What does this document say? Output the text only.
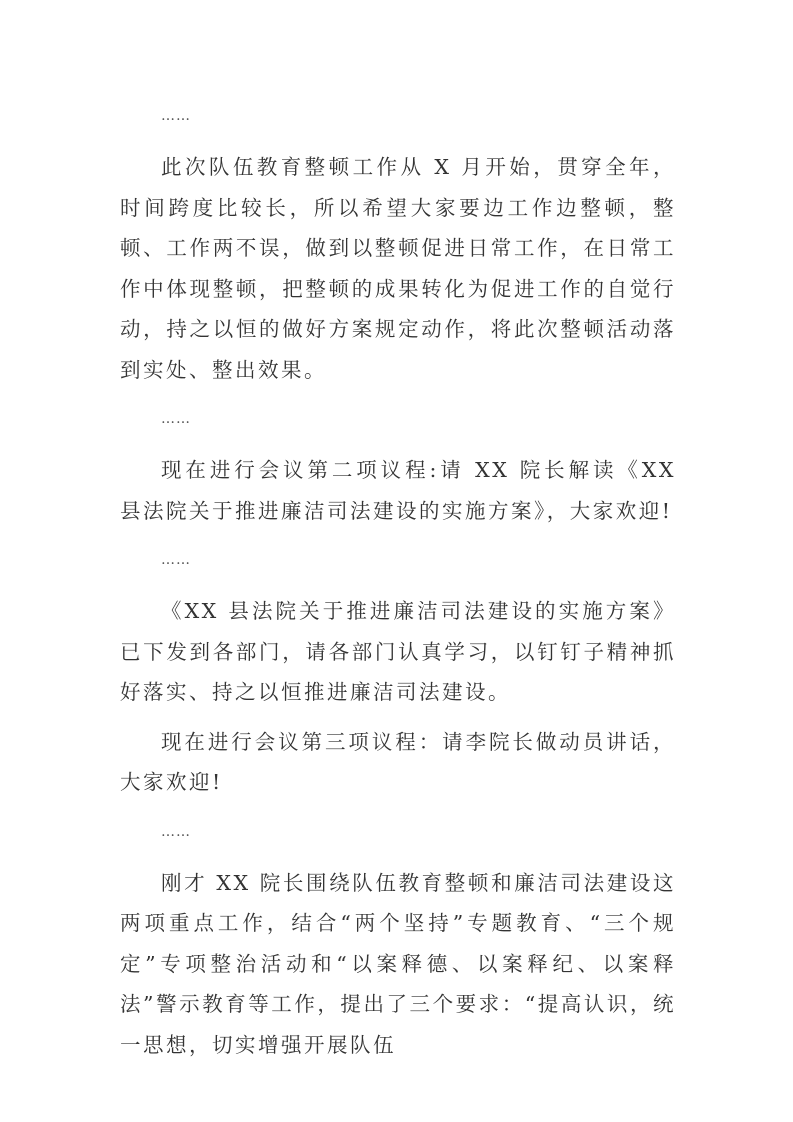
……

此次队伍教育整顿工作从 X 月开始，贯穿全年，时间跨度比较长，所以希望大家要边工作边整顿，整顿、工作两不误，做到以整顿促进日常工作，在日常工作中体现整顿，把整顿的成果转化为促进工作的自觉行动，持之以恒的做好方案规定动作，将此次整顿活动落到实处、整出效果。

……

现在进行会议第二项议程:请 XX 院长解读《XX 县法院关于推进廉洁司法建设的实施方案》，大家欢迎!

……

《XX 县法院关于推进廉洁司法建设的实施方案》已下发到各部门，请各部门认真学习，以钉钉子精神抓好落实、持之以恒推进廉洁司法建设。

现在进行会议第三项议程：请李院长做动员讲话，大家欢迎!

……

刚才 XX 院长围绕队伍教育整顿和廉洁司法建设这两项重点工作，结合“两个坚持”专题教育、“三个规定”专项整治活动和“以案释德、以案释纪、以案释法”警示教育等工作，提出了三个要求：“提高认识，统一思想，切实增强开展队伍
